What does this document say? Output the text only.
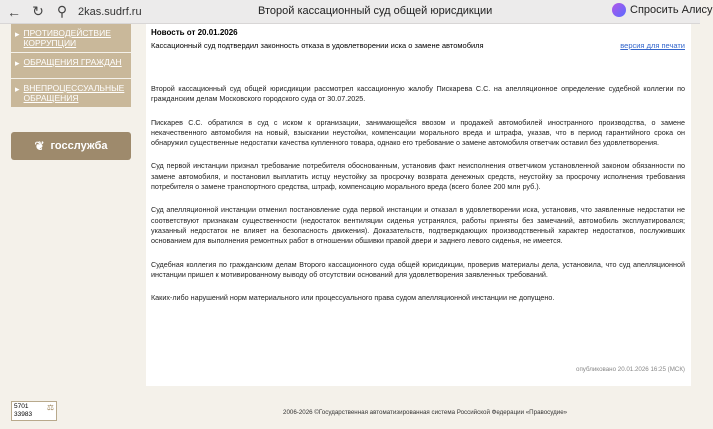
← ↻ ⚲ 2kas.sudrf.ru	Второй кассационный суд общей юрисдикции	Спросить Алису
▸ ПРОТИВОДЕЙСТВИЕ КОРРУПЦИИ
▸ ОБРАЩЕНИЯ ГРАЖДАН
▸ ВНЕПРОЦЕССУАЛЬНЫЕ ОБРАЩЕНИЯ
❦ госслужба
Новость от 20.01.2026
Кассационный суд подтвердил законность отказа в удовлетворении иска о замене автомобиля	версия для печати

Второй кассационный суд общей юрисдикции рассмотрел кассационную жалобу Пискарева С.С. на апелляционное определение судебной коллегии по гражданским делам Московского городского суда от 30.07.2025.

Пискарев С.С. обратился в суд с иском к организации, занимающейся ввозом и продажей автомобилей иностранного производства, о замене некачественного автомобиля на новый, взыскании неустойки, компенсации морального вреда и штрафа, указав, что в период гарантийного срока он обнаружил существенные недостатки качества купленного товара, однако его требование о замене автомобиля ответчик оставил без удовлетворения.

Суд первой инстанции признал требование потребителя обоснованным, установив факт неисполнения ответчиком установленной законом обязанности по замене автомобиля, и постановил выплатить истцу неустойку за просрочку возврата денежных средств, неустойку за просрочку исполнения требования потребителя о замене транспортного средства, штраф, компенсацию морального вреда (всего более 200 млн руб.).

Суд апелляционной инстанции отменил постановление суда первой инстанции и отказал в удовлетворении иска, установив, что заявленные недостатки не соответствуют признакам существенности (недостаток вентиляции сиденья устранялся, работы приняты без замечаний, автомобиль эксплуатировался; указанный недостаток не влияет на безопасность движения). Доказательств, подтверждающих производственный характер недостатков, послуживших основанием для выполнения ремонтных работ в отношении обшивки правой двери и заднего левого сиденья, не имеется.

Судебная коллегия по гражданским делам Второго кассационного суда общей юрисдикции, проверив материалы дела, установила, что суд апелляционной инстанции пришел к мотивированному выводу об отсутствии оснований для удовлетворения заявленных требований.

Каких-либо нарушений норм материального или процессуального права судом апелляционной инстанции не допущено.

опубликовано 20.01.2026 16:25 (МСК)
5701
33983
⚖
2006-2026 ©Государственная автоматизированная система Российской Федерации «Правосудие»
